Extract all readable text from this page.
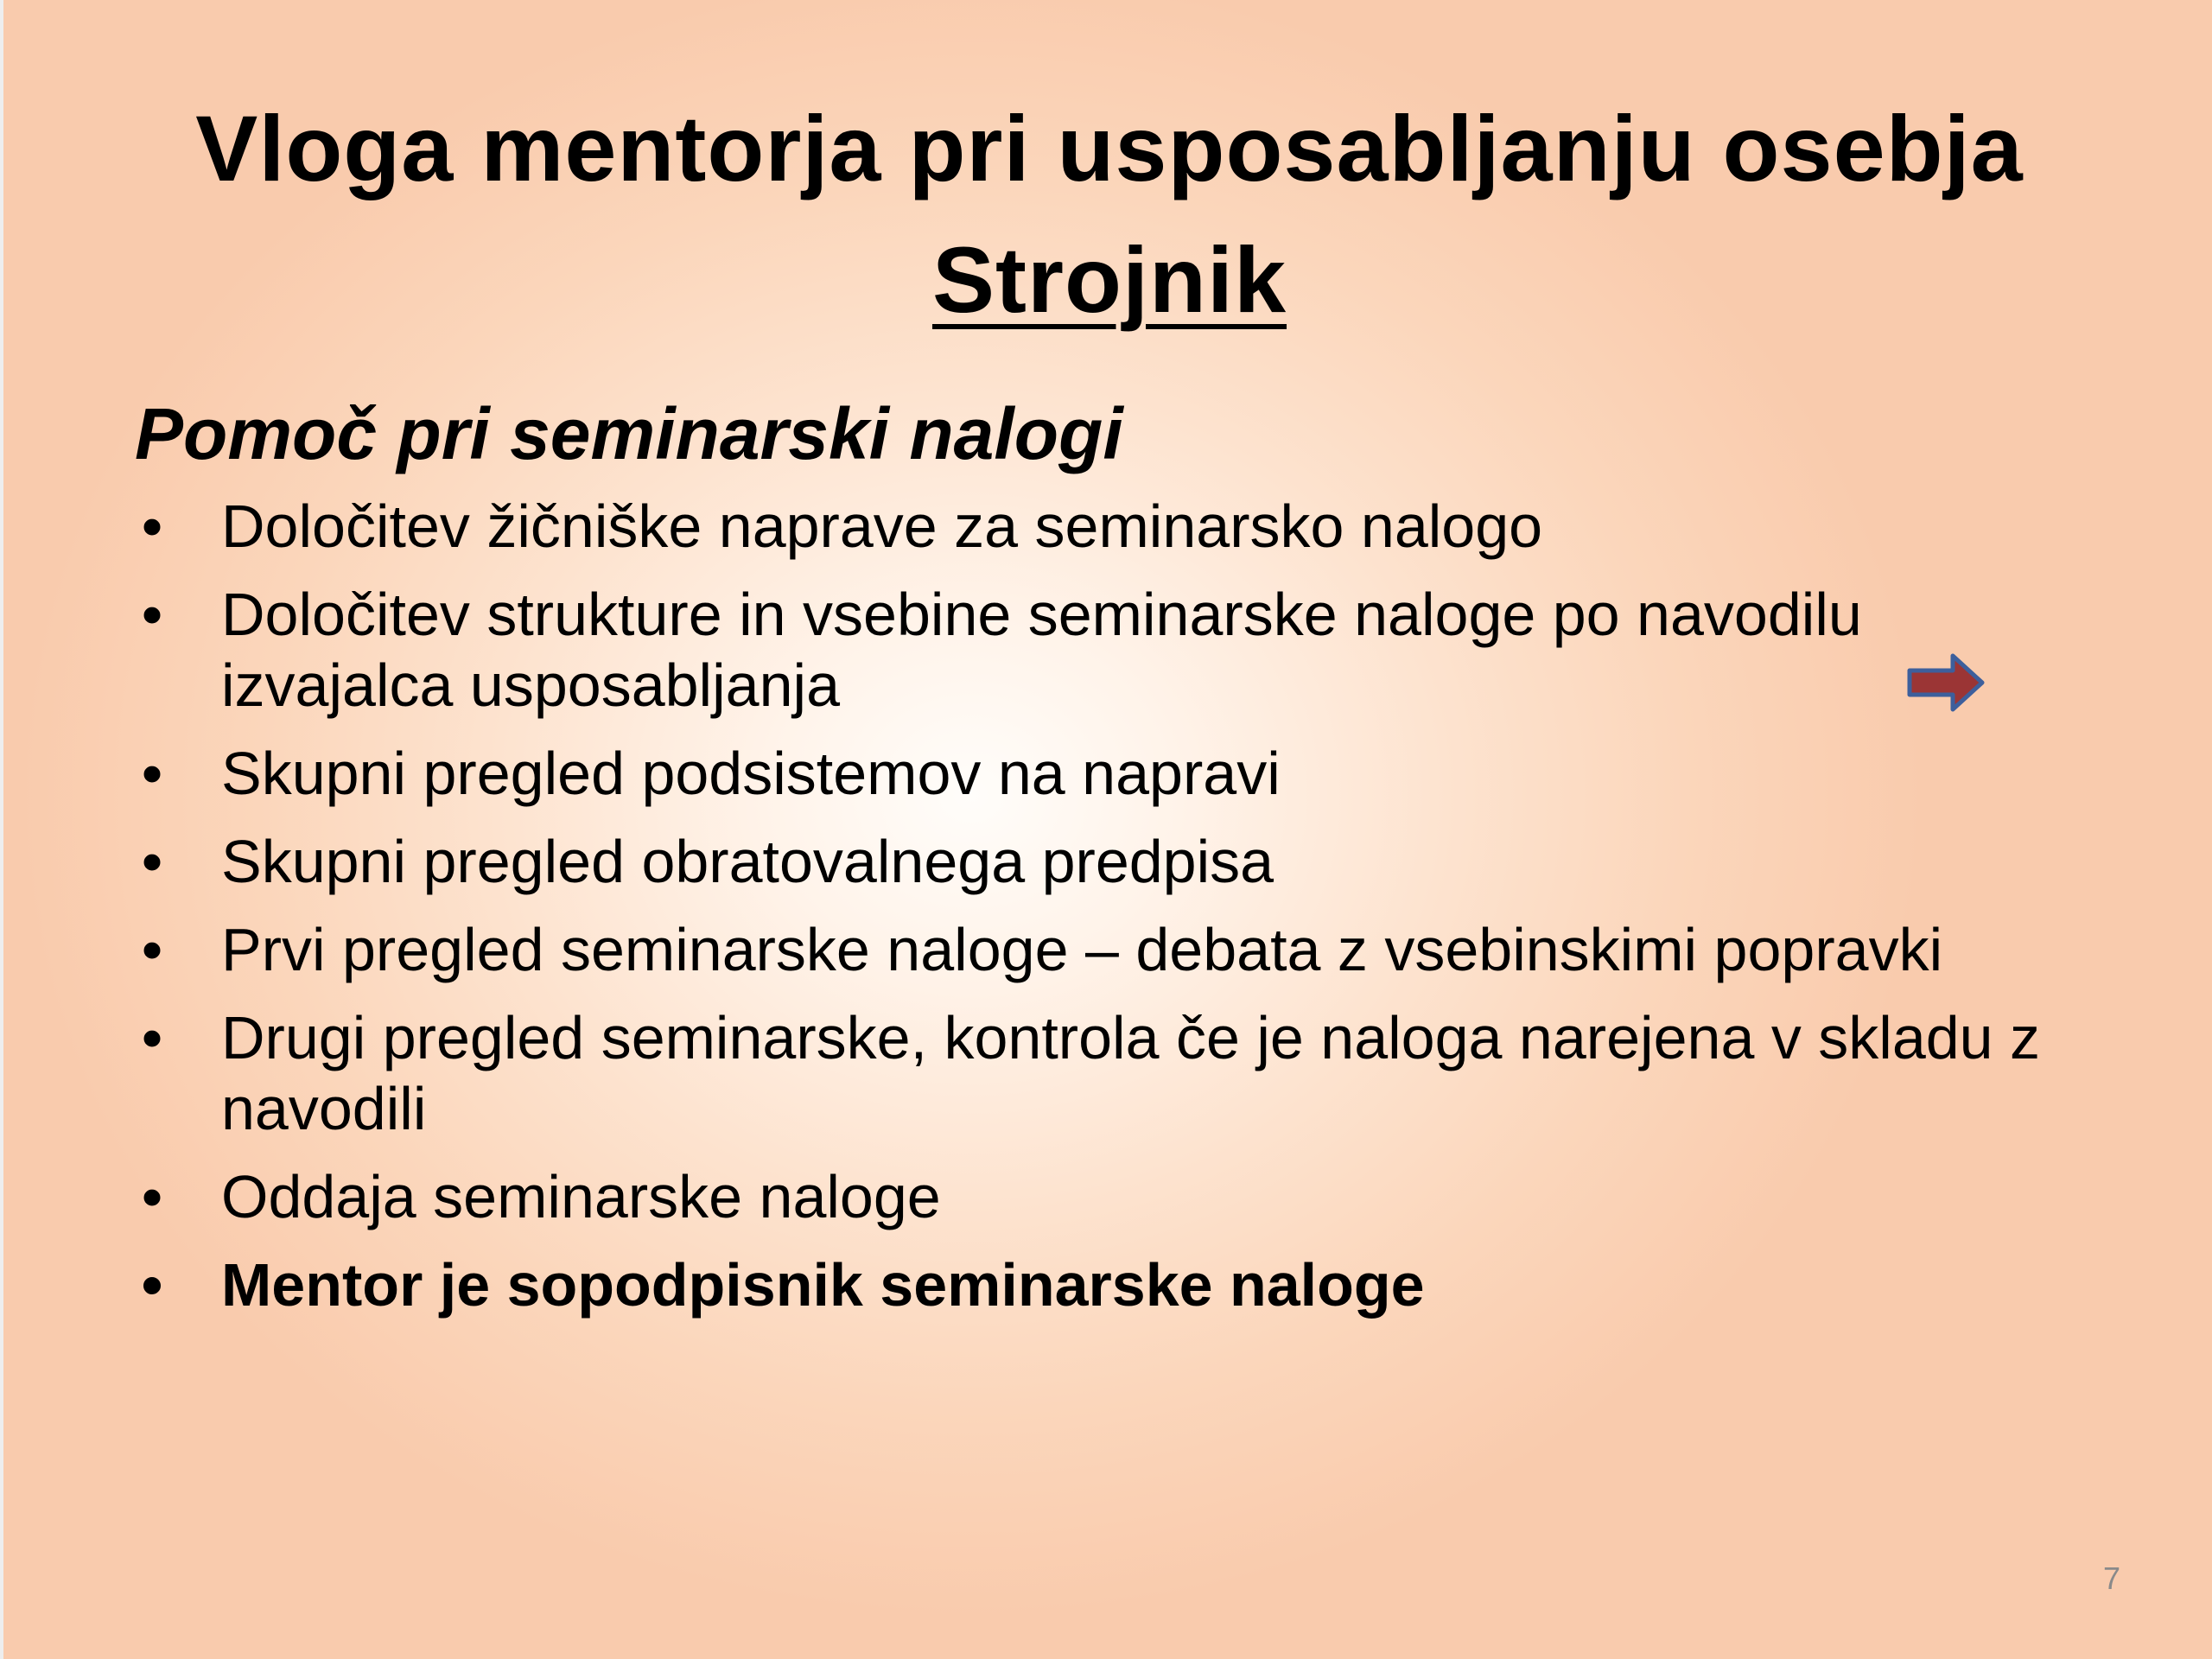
Vloga mentorja pri usposabljanju osebja
Strojnik
Pomoč pri seminarski nalogi
• Določitev žičniške naprave za seminarsko nalogo
• Določitev strukture in vsebine seminarske naloge po navodilu izvajalca usposabljanja
• Skupni pregled podsistemov na napravi
• Skupni pregled obratovalnega predpisa
• Prvi pregled seminarske naloge – debata z vsebinskimi popravki
• Drugi pregled seminarske, kontrola če je naloga narejena v skladu z navodili
• Oddaja seminarske naloge
• Mentor je sopodpisnik seminarske naloge
7
